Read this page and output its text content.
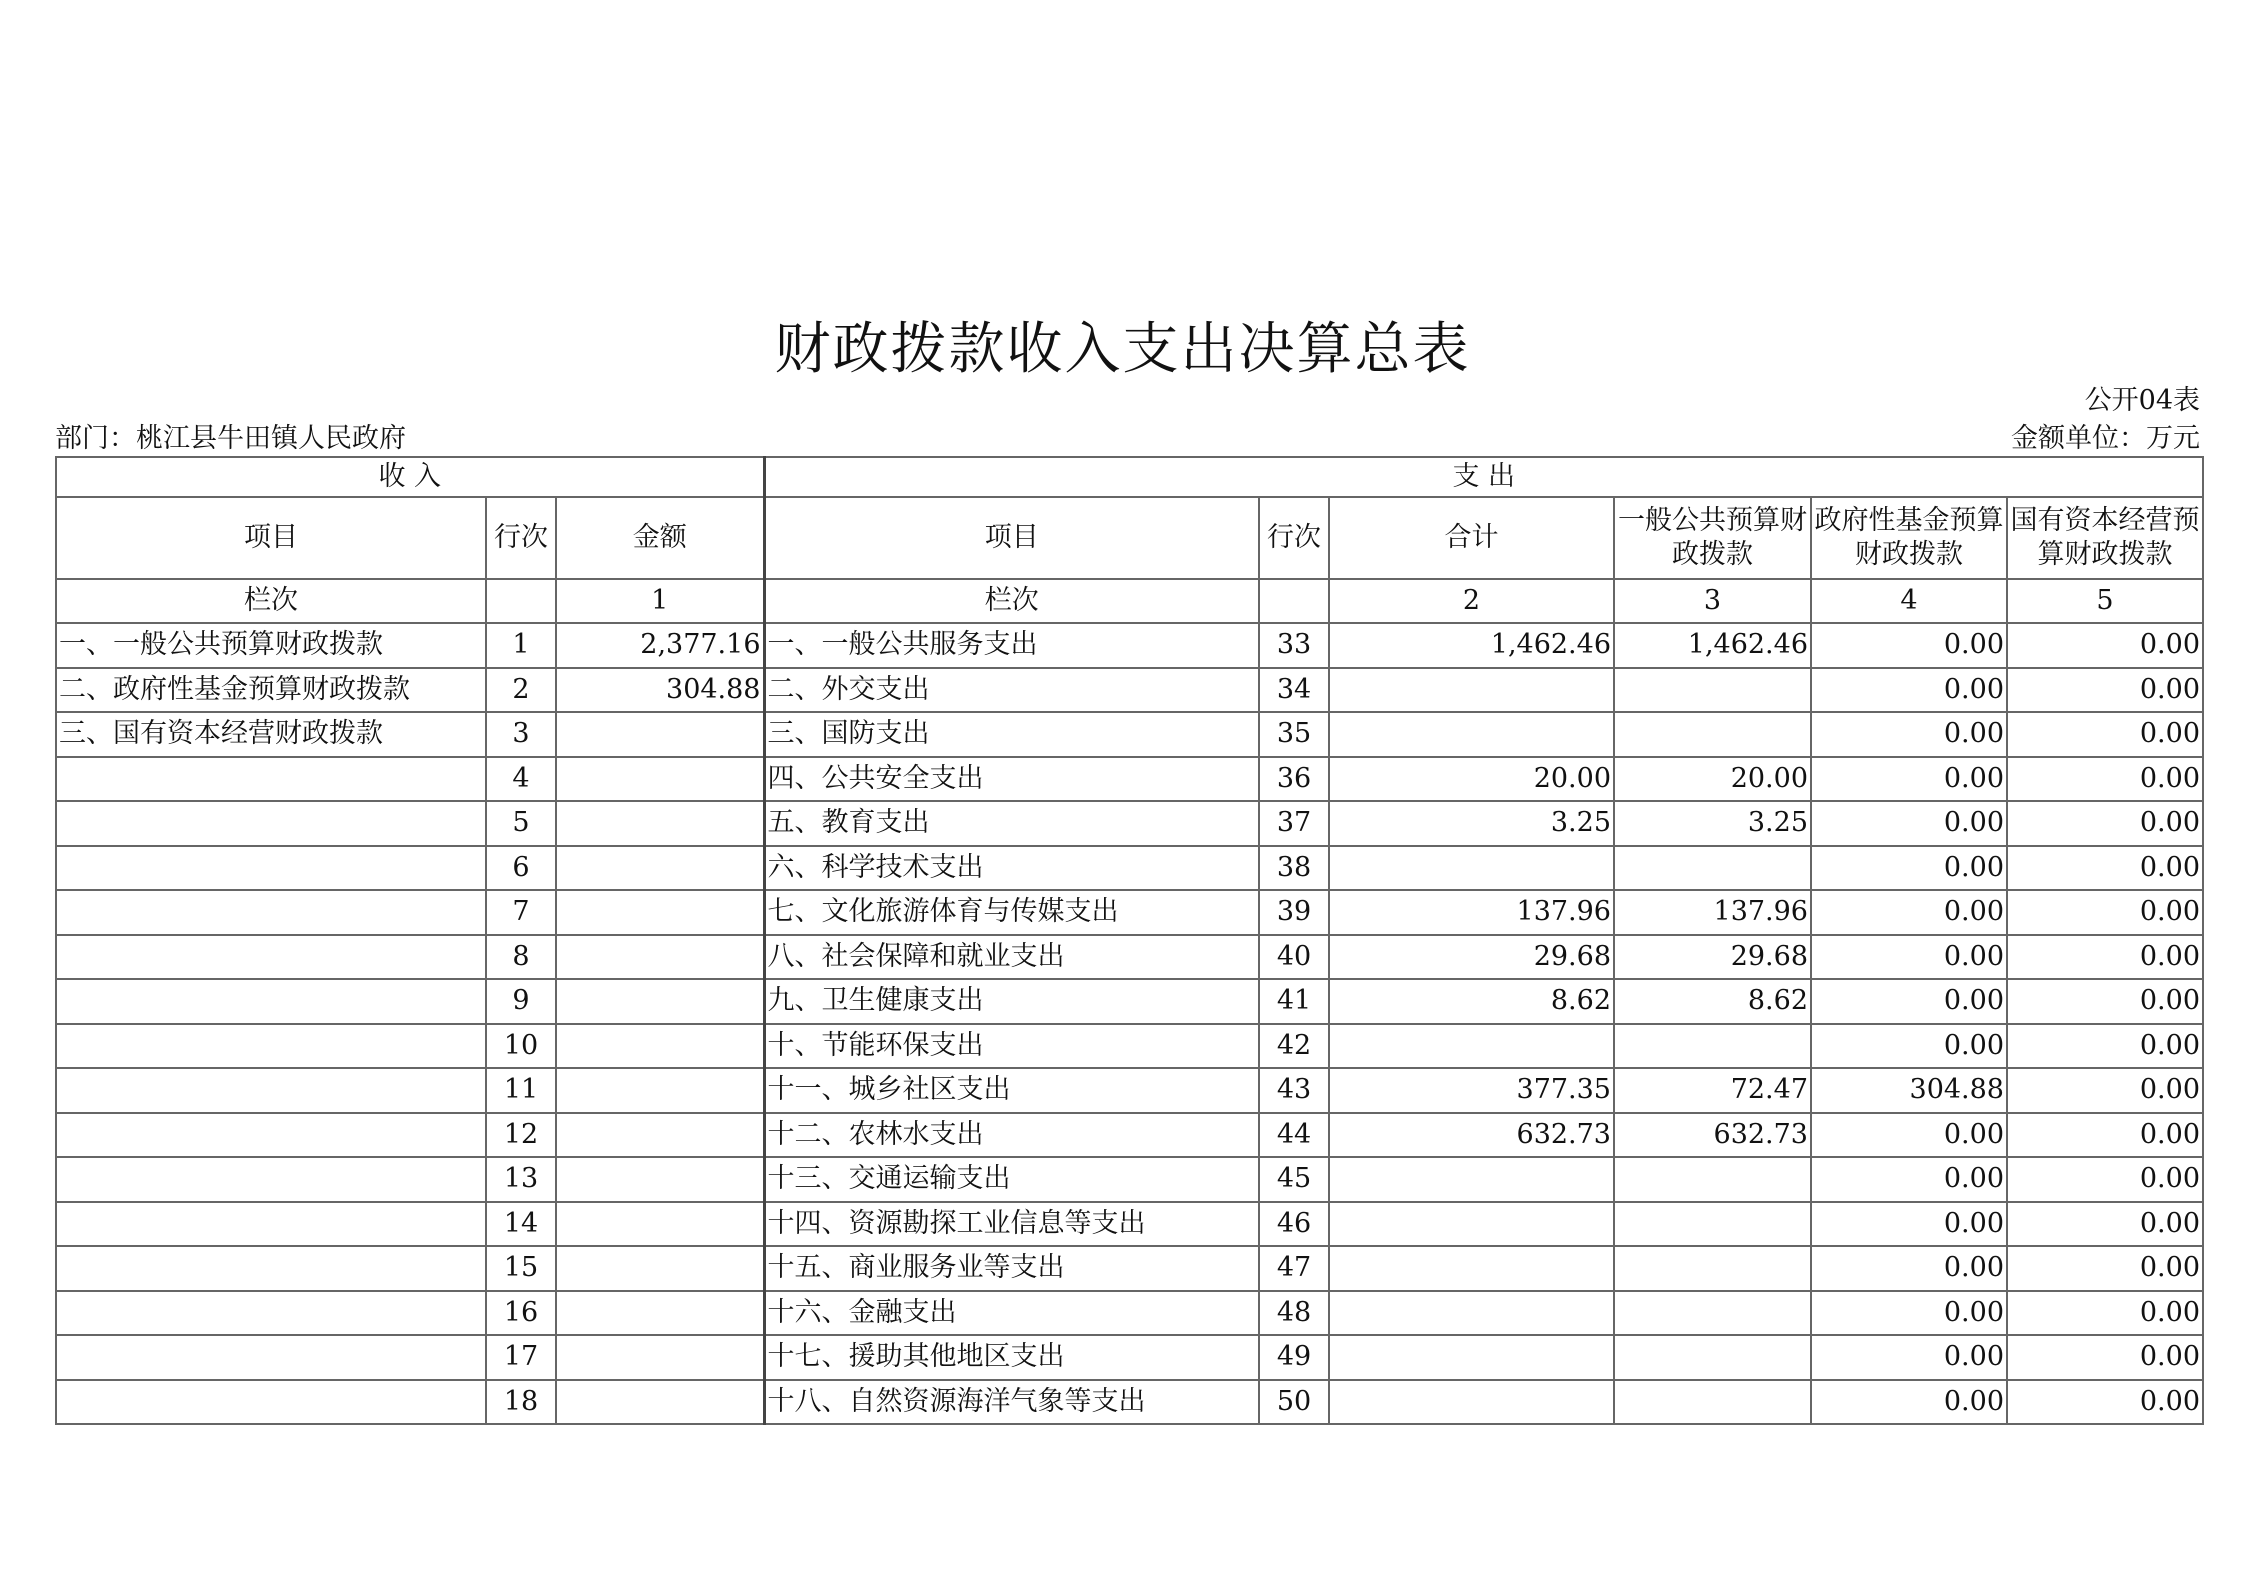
财政拨款收入支出决算总表
公开04表
部门：桃江县牛田镇人民政府	金额单位：万元
收 入			支 出					
项目	行次	金额	项目	行次	合计	一般公共预算财政拨款	政府性基金预算财政拨款	国有资本经营预算财政拨款
栏次		1	栏次		2	3	4	5
一、一般公共预算财政拨款	1	2,377.16	一、一般公共服务支出	33	1,462.46	1,462.46	0.00	0.00
二、政府性基金预算财政拨款	2	304.88	二、外交支出	34			0.00	0.00
三、国有资本经营财政拨款	3		三、国防支出	35			0.00	0.00
	4		四、公共安全支出	36	20.00	20.00	0.00	0.00
	5		五、教育支出	37	3.25	3.25	0.00	0.00
	6		六、科学技术支出	38			0.00	0.00
	7		七、文化旅游体育与传媒支出	39	137.96	137.96	0.00	0.00
	8		八、社会保障和就业支出	40	29.68	29.68	0.00	0.00
	9		九、卫生健康支出	41	8.62	8.62	0.00	0.00
	10		十、节能环保支出	42			0.00	0.00
	11		十一、城乡社区支出	43	377.35	72.47	304.88	0.00
	12		十二、农林水支出	44	632.73	632.73	0.00	0.00
	13		十三、交通运输支出	45			0.00	0.00
	14		十四、资源勘探工业信息等支出	46			0.00	0.00
	15		十五、商业服务业等支出	47			0.00	0.00
	16		十六、金融支出	48			0.00	0.00
	17		十七、援助其他地区支出	49			0.00	0.00
	18		十八、自然资源海洋气象等支出	50			0.00	0.00
